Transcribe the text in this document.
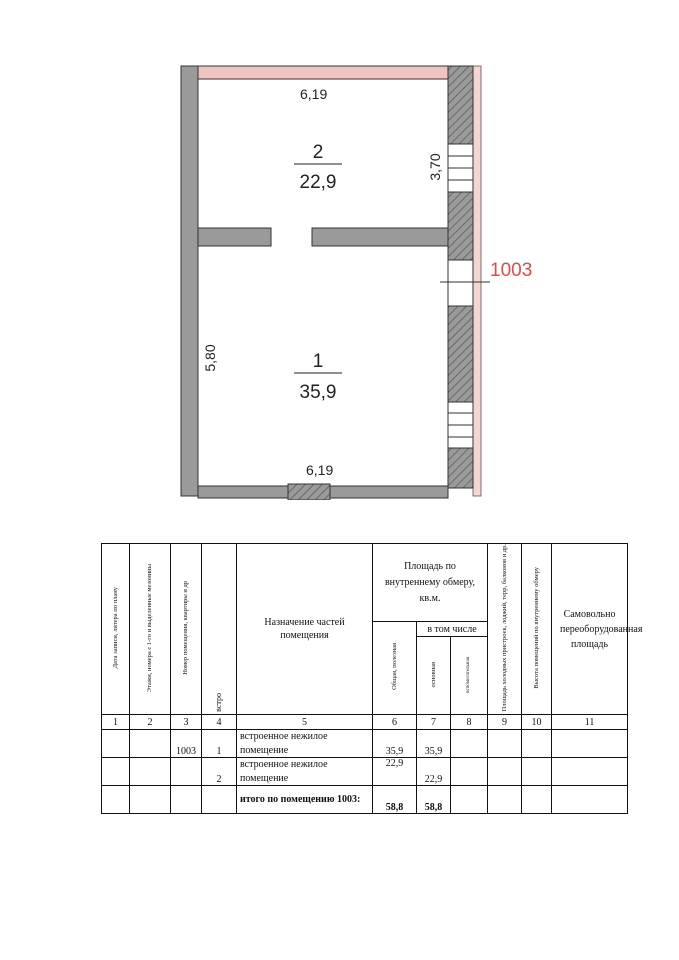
6,19
3,70
5,80
6,19
2
22,9
1
35,9
1003
Дата записи, литера по плану	Этажи, номера с 1-го и выделенные мезонины	Номер помещения, квартиры и др	встро	Назначение частей помещения	Площадь по внутреннему обмеру, кв.м.			Площадь холодных пристроек, лоджий, терр, балконов и др.	Высота помещений по внутреннему обмеру	Самовольно переоборудованная площадь

					Общая, полезная	в том числе				
						основная	вспомогательная			
1	2	3	4	5	6	7	8	9	10	11
		1003	1	встроенное нежилое помещение	35,9	35,9				
			2	встроенное нежилое помещение	22,9	22,9				
				итого по помещению 1003:	58,8	58,8				
